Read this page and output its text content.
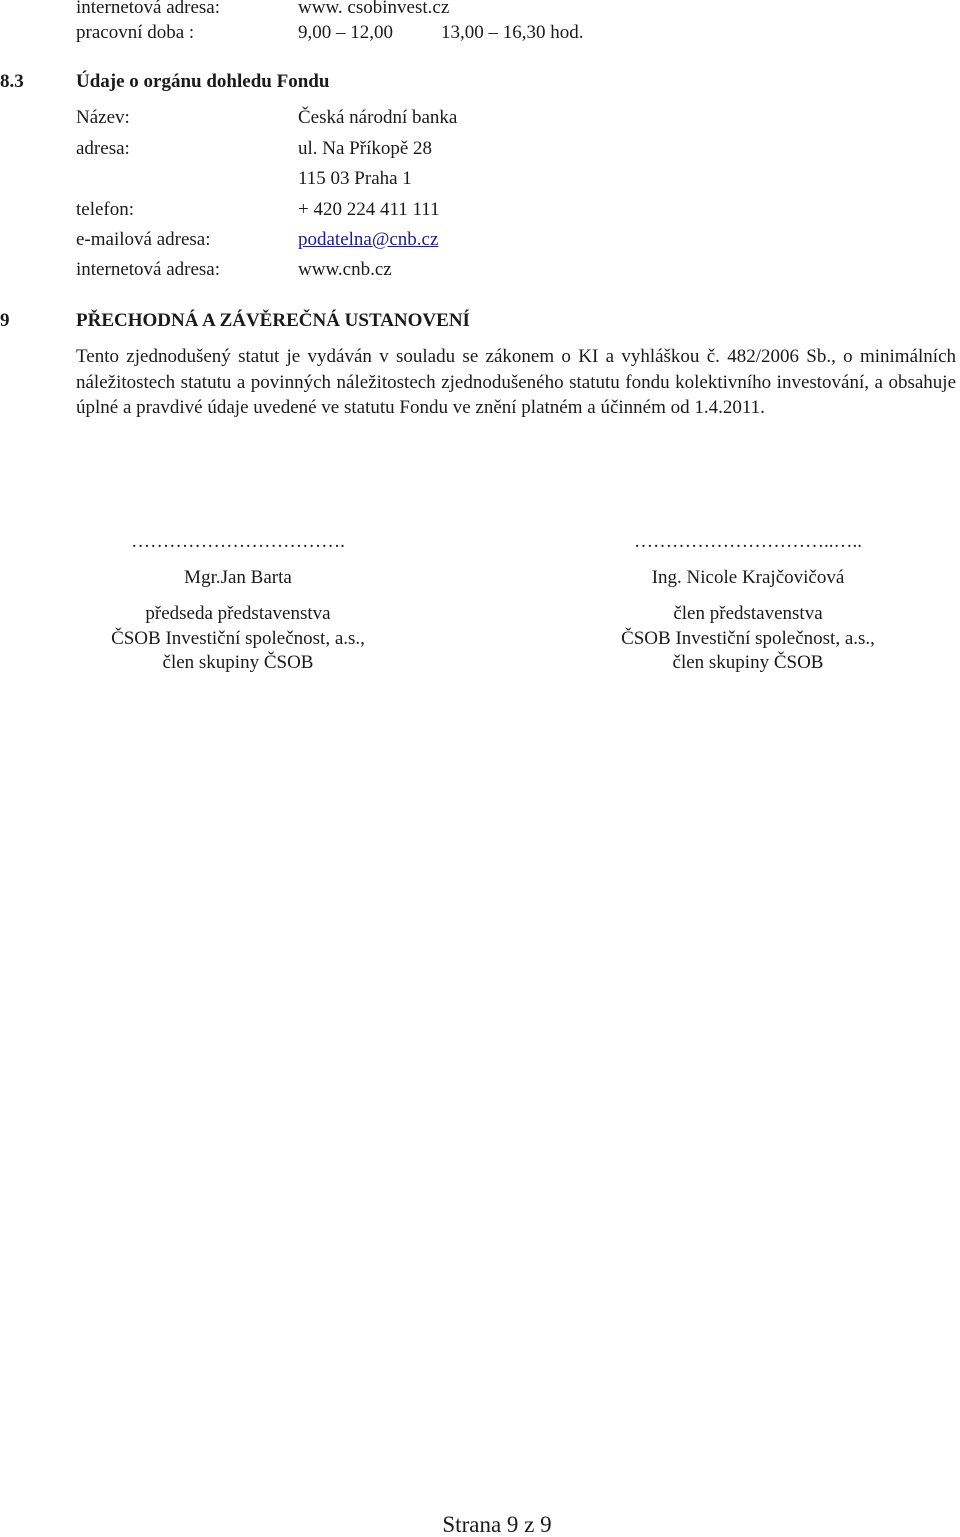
internetová adresa:	www. csobinvest.cz
pracovní doba :	9,00 – 12,00	13,00 – 16,30 hod.
8.3	Údaje o orgánu dohledu Fondu
Název:	Česká národní banka
adresa:	ul. Na Příkopě 28
115 03 Praha 1
telefon:	+ 420 224 411 111
e-mailová adresa:	podatelna@cnb.cz
internetová adresa:	www.cnb.cz
9	PŘECHODNÁ A ZÁVĚREČNÁ USTANOVENÍ
Tento zjednodušený statut je vydáván v souladu se zákonem o KI a vyhláškou č. 482/2006 Sb., o minimálních náležitostech statutu a povinných náležitostech zjednodušeného statutu fondu kolektivního investování, a obsahuje úplné a pravdivé údaje uvedené ve statutu Fondu ve znění platném a účinném od 1.4.2011.
…………………………….
Mgr.Jan Barta
předseda představenstva
ČSOB Investiční společnost, a.s.,
člen skupiny ČSOB
…………………………..…..
Ing. Nicole Krajčovičová
člen představenstva
ČSOB Investiční společnost, a.s.,
člen skupiny ČSOB
Strana 9 z 9
